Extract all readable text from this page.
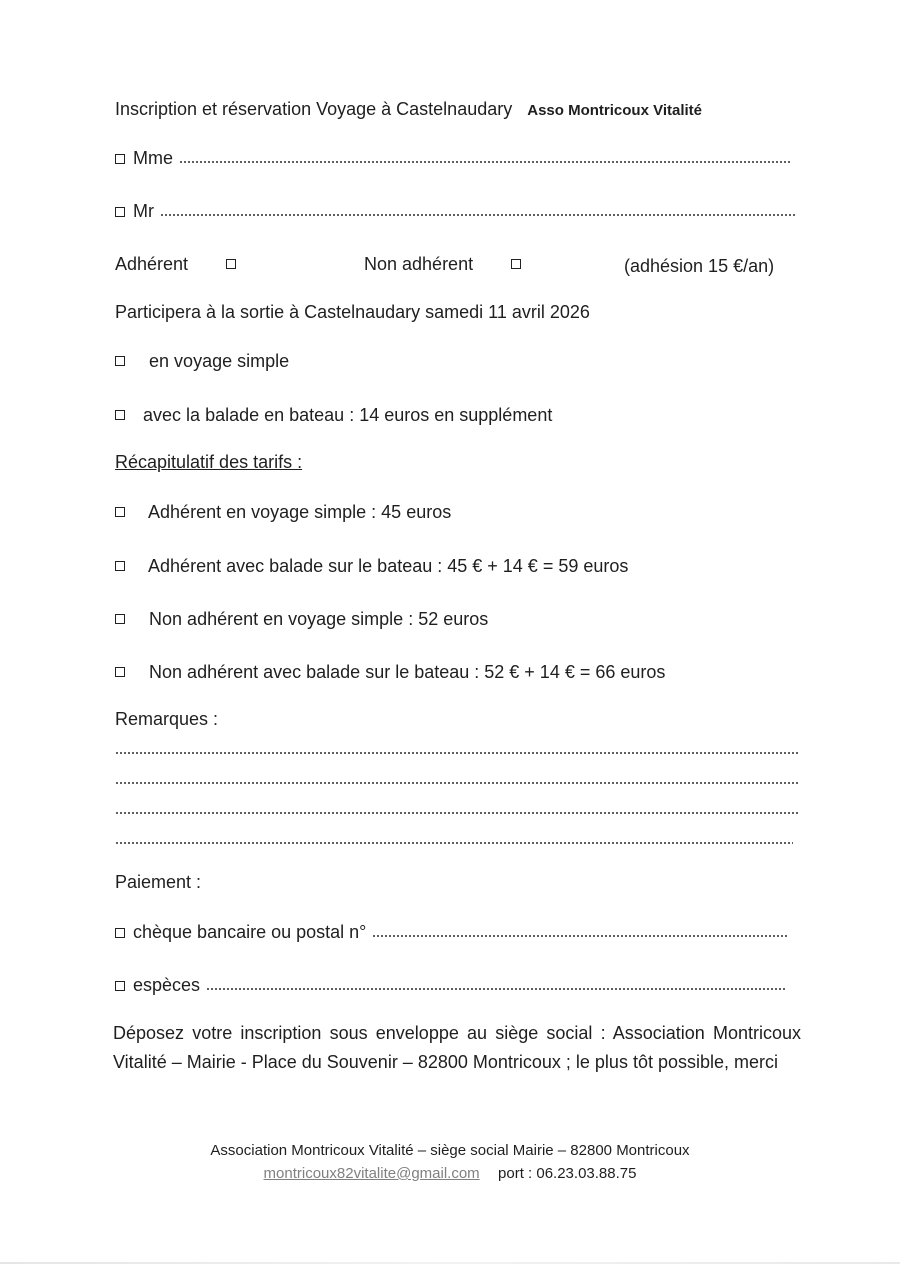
Inscription et réservation Voyage à Castelnaudary Asso Montricoux Vitalité
Mme
Mr
Adhérent	Non adhérent	(adhésion 15 €/an)
Participera à la sortie à Castelnaudary samedi 11 avril 2026
en voyage simple
avec la balade en bateau : 14 euros en supplément
Récapitulatif des tarifs :
Adhérent en voyage simple : 45 euros
Adhérent avec balade sur le bateau : 45 € + 14 € = 59 euros
Non adhérent en voyage simple : 52 euros
Non adhérent avec balade sur le bateau : 52 € + 14 € = 66 euros
Remarques :
Paiement :
chèque bancaire ou postal n°
espèces
Déposez votre inscription sous enveloppe au siège social : Association Montricoux Vitalité – Mairie - Place du Souvenir – 82800 Montricoux ; le plus tôt possible, merci
Association Montricoux Vitalité – siège social Mairie – 82800 Montricoux
montricoux82vitalite@gmail.com port : 06.23.03.88.75
